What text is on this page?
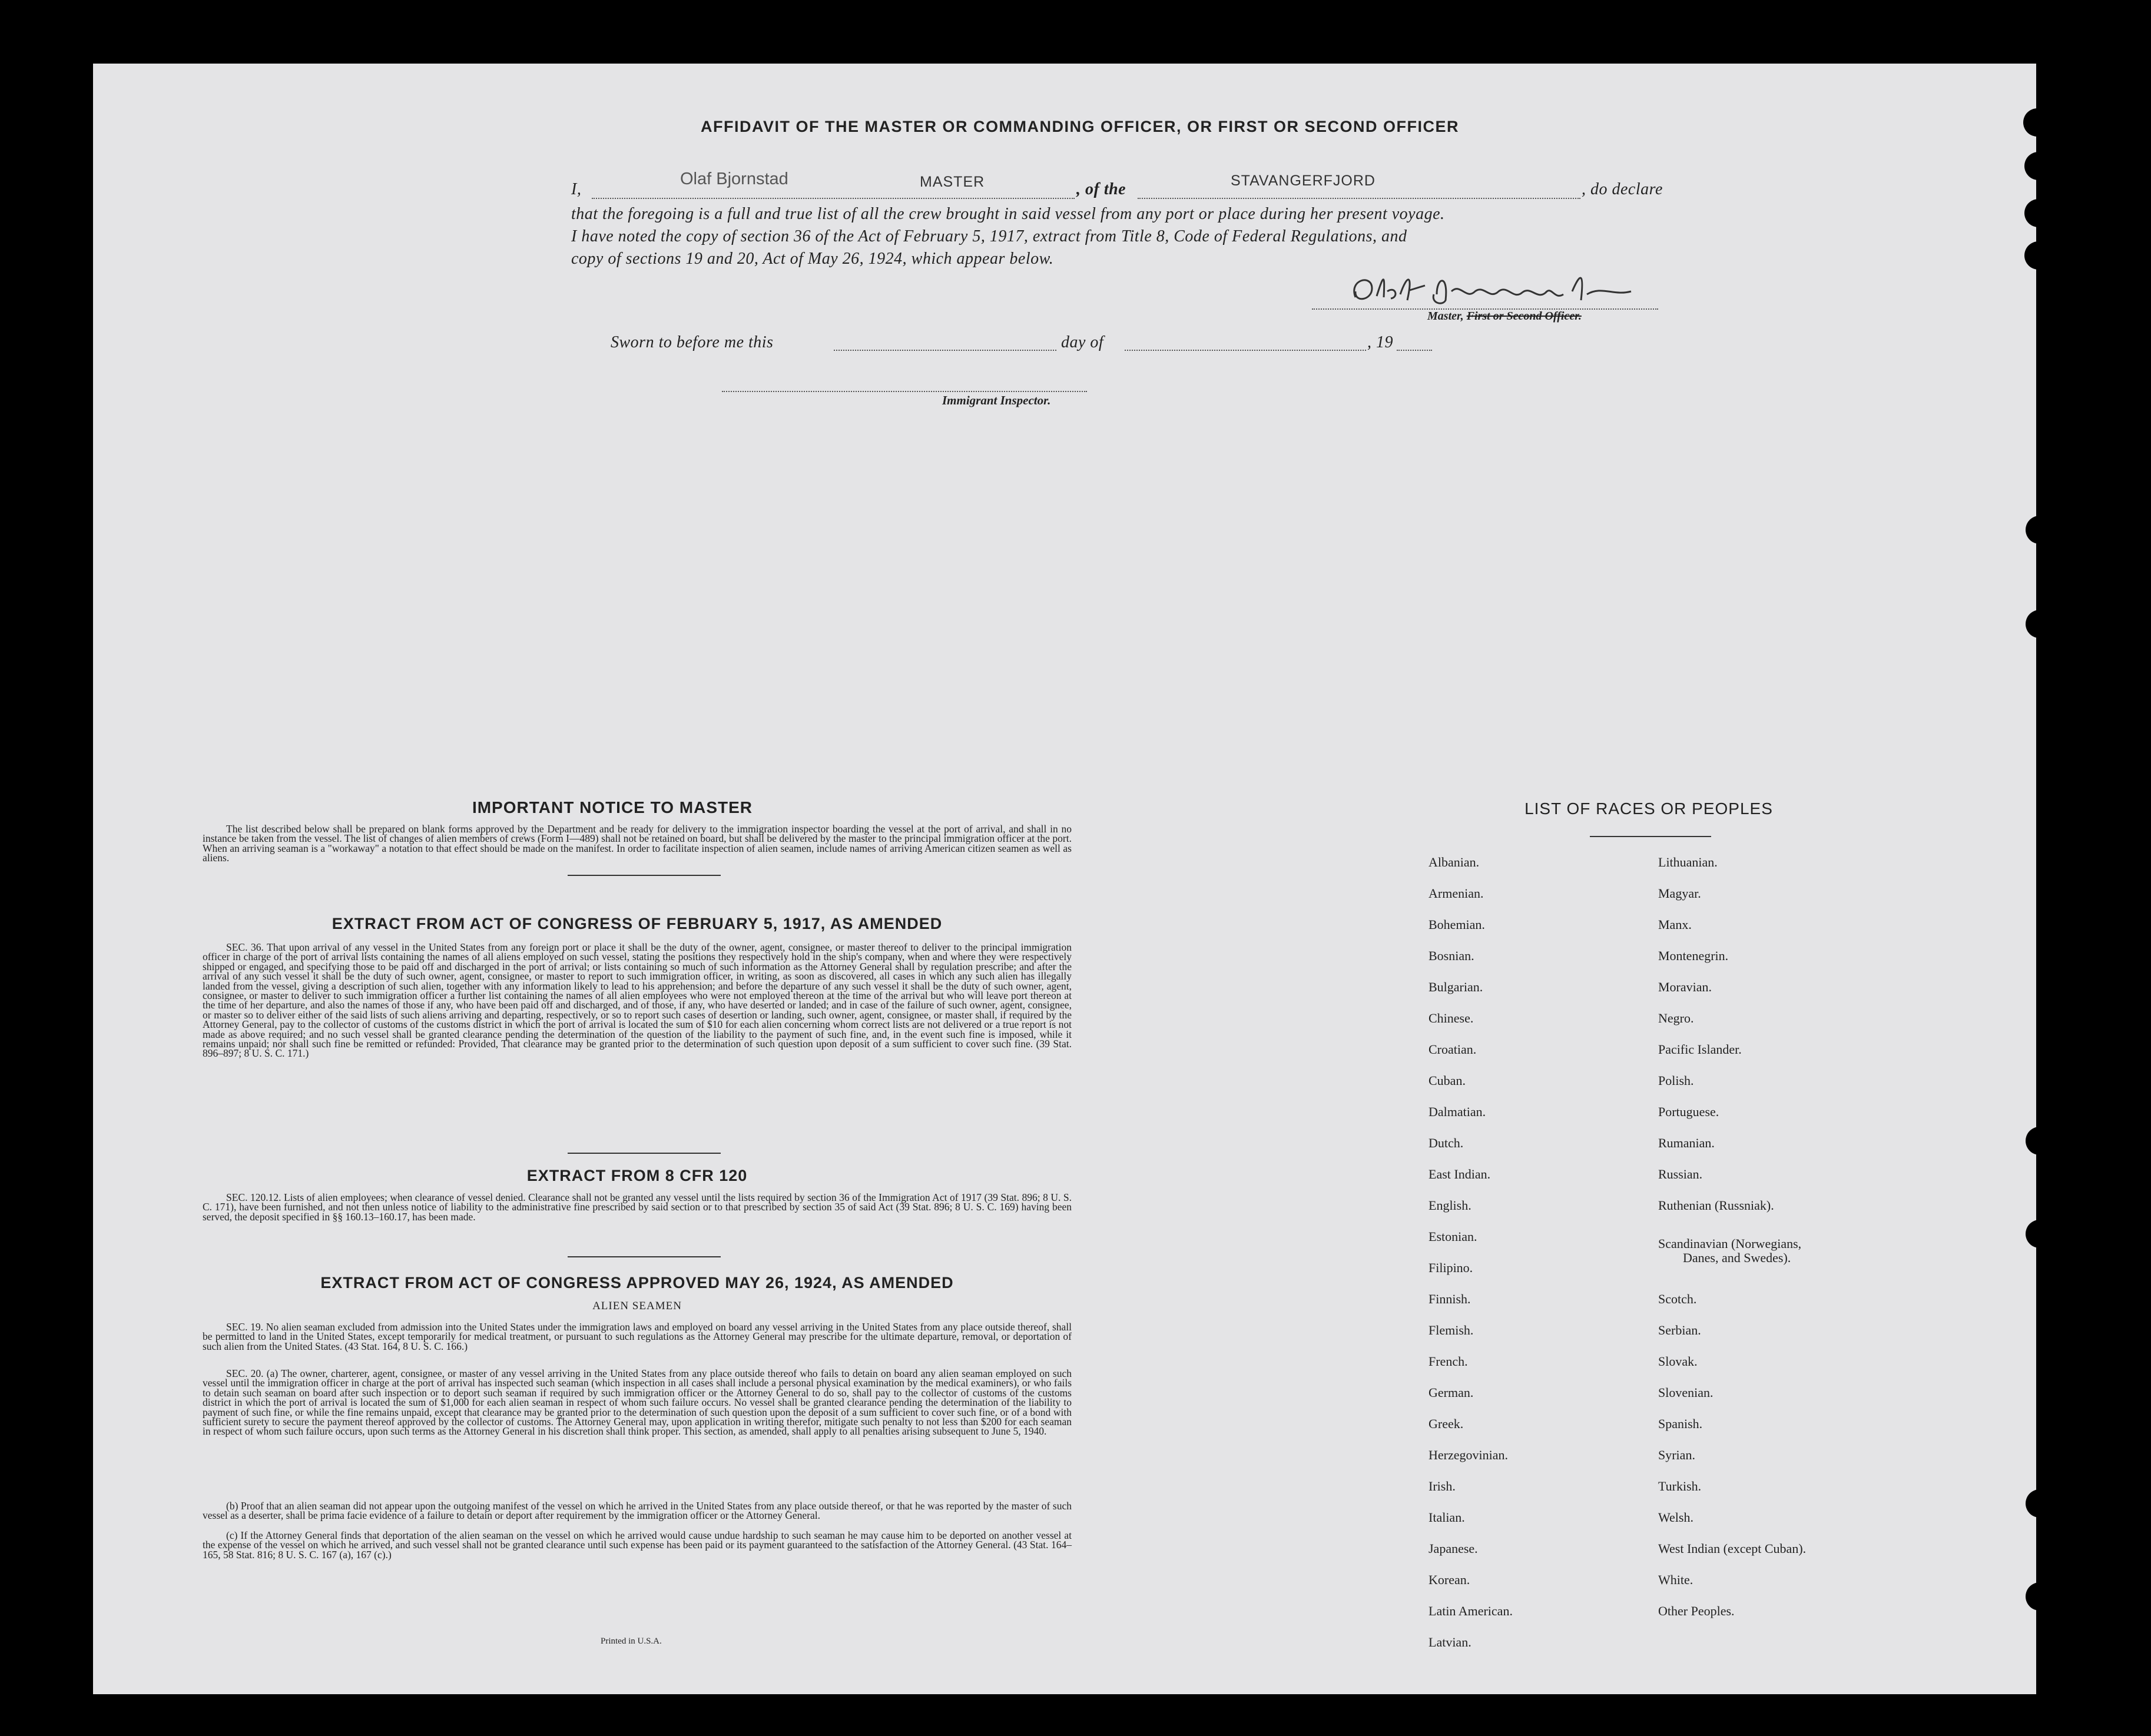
AFFIDAVIT OF THE MASTER OR COMMANDING OFFICER, OR FIRST OR SECOND OFFICER
I,
Olaf Bjornstad	MASTER	, of the	STAVANGERFJORD	, do declare
that the foregoing is a full and true list of all the crew brought in said vessel from any port or place during her present voyage.
I have noted the copy of section 36 of the Act of February 5, 1917, extract from Title 8, Code of Federal Regulations, and
copy of sections 19 and 20, Act of May 26, 1924, which appear below.
Master, First or Second Officer.
Sworn to before me this	day of	, 19
Immigrant Inspector.
IMPORTANT NOTICE TO MASTER
The list described below shall be prepared on blank forms approved by the Department and be ready for delivery to the immigration inspector boarding the vessel at the port of arrival, and shall in no instance be taken from the vessel. The list of changes of alien members of crews (Form I—489) shall not be retained on board, but shall be delivered by the master to the principal immigration officer at the port. When an arriving seaman is a "workaway" a notation to that effect should be made on the manifest. In order to facilitate inspection of alien seamen, include names of arriving American citizen seamen as well as aliens.
EXTRACT FROM ACT OF CONGRESS OF FEBRUARY 5, 1917, AS AMENDED
SEC. 36. That upon arrival of any vessel in the United States from any foreign port or place it shall be the duty of the owner, agent, consignee, or master thereof to deliver to the principal immigration officer in charge of the port of arrival lists containing the names of all aliens employed on such vessel, stating the positions they respectively hold in the ship's company, when and where they were respectively shipped or engaged, and specifying those to be paid off and discharged in the port of arrival; or lists containing so much of such information as the Attorney General shall by regulation prescribe; and after the arrival of any such vessel it shall be the duty of such owner, agent, consignee, or master to report to such immigration officer, in writing, as soon as discovered, all cases in which any such alien has illegally landed from the vessel, giving a description of such alien, together with any information likely to lead to his apprehension; and before the departure of any such vessel it shall be the duty of such owner, agent, consignee, or master to deliver to such immigration officer a further list containing the names of all alien employees who were not employed thereon at the time of the arrival but who will leave port thereon at the time of her departure, and also the names of those if any, who have been paid off and discharged, and of those, if any, who have deserted or landed; and in case of the failure of such owner, agent, consignee, or master so to deliver either of the said lists of such aliens arriving and departing, respectively, or so to report such cases of desertion or landing, such owner, agent, consignee, or master shall, if required by the Attorney General, pay to the collector of customs of the customs district in which the port of arrival is located the sum of $10 for each alien concerning whom correct lists are not delivered or a true report is not made as above required; and no such vessel shall be granted clearance pending the determination of the question of the liability to the payment of such fine, and, in the event such fine is imposed, while it remains unpaid; nor shall such fine be remitted or refunded: Provided, That clearance may be granted prior to the determination of such question upon deposit of a sum sufficient to cover such fine. (39 Stat. 896–897; 8 U. S. C. 171.)
EXTRACT FROM 8 CFR 120
SEC. 120.12. Lists of alien employees; when clearance of vessel denied. Clearance shall not be granted any vessel until the lists required by section 36 of the Immigration Act of 1917 (39 Stat. 896; 8 U. S. C. 171), have been furnished, and not then unless notice of liability to the administrative fine prescribed by said section or to that prescribed by section 35 of said Act (39 Stat. 896; 8 U. S. C. 169) having been served, the deposit specified in §§ 160.13–160.17, has been made.
EXTRACT FROM ACT OF CONGRESS APPROVED MAY 26, 1924, AS AMENDED
ALIEN SEAMEN
SEC. 19. No alien seaman excluded from admission into the United States under the immigration laws and employed on board any vessel arriving in the United States from any place outside thereof, shall be permitted to land in the United States, except temporarily for medical treatment, or pursuant to such regulations as the Attorney General may prescribe for the ultimate departure, removal, or deportation of such alien from the United States. (43 Stat. 164, 8 U. S. C. 166.)
SEC. 20. (a) The owner, charterer, agent, consignee, or master of any vessel arriving in the United States from any place outside thereof who fails to detain on board any alien seaman employed on such vessel until the immigration officer in charge at the port of arrival has inspected such seaman (which inspection in all cases shall include a personal physical examination by the medical examiners), or who fails to detain such seaman on board after such inspection or to deport such seaman if required by such immigration officer or the Attorney General to do so, shall pay to the collector of customs of the customs district in which the port of arrival is located the sum of $1,000 for each alien seaman in respect of whom such failure occurs. No vessel shall be granted clearance pending the determination of the liability to payment of such fine, or while the fine remains unpaid, except that clearance may be granted prior to the determination of such question upon the deposit of a sum sufficient to cover such fine, or of a bond with sufficient surety to secure the payment thereof approved by the collector of customs. The Attorney General may, upon application in writing therefor, mitigate such penalty to not less than $200 for each seaman in respect of whom such failure occurs, upon such terms as the Attorney General in his discretion shall think proper. This section, as amended, shall apply to all penalties arising subsequent to June 5, 1940.
(b) Proof that an alien seaman did not appear upon the outgoing manifest of the vessel on which he arrived in the United States from any place outside thereof, or that he was reported by the master of such vessel as a deserter, shall be prima facie evidence of a failure to detain or deport after requirement by the immigration officer or the Attorney General.
(c) If the Attorney General finds that deportation of the alien seaman on the vessel on which he arrived would cause undue hardship to such seaman he may cause him to be deported on another vessel at the expense of the vessel on which he arrived, and such vessel shall not be granted clearance until such expense has been paid or its payment guaranteed to the satisfaction of the Attorney General. (43 Stat. 164–165, 58 Stat. 816; 8 U. S. C. 167 (a), 167 (c).)
Printed in U.S.A.
LIST OF RACES OR PEOPLES
Albanian.
Armenian.
Bohemian.
Bosnian.
Bulgarian.
Chinese.
Croatian.
Cuban.
Dalmatian.
Dutch.
East Indian.
English.
Estonian.
Filipino.
Finnish.
Flemish.
French.
German.
Greek.
Herzegovinian.
Irish.
Italian.
Japanese.
Korean.
Latin American.
Latvian.
Lithuanian.
Magyar.
Manx.
Montenegrin.
Moravian.
Negro.
Pacific Islander.
Polish.
Portuguese.
Rumanian.
Russian.
Ruthenian (Russniak).
Scandinavian (Norwegians,
Danes, and Swedes).
Scotch.
Serbian.
Slovak.
Slovenian.
Spanish.
Syrian.
Turkish.
Welsh.
West Indian (except Cuban).
White.
Other Peoples.
